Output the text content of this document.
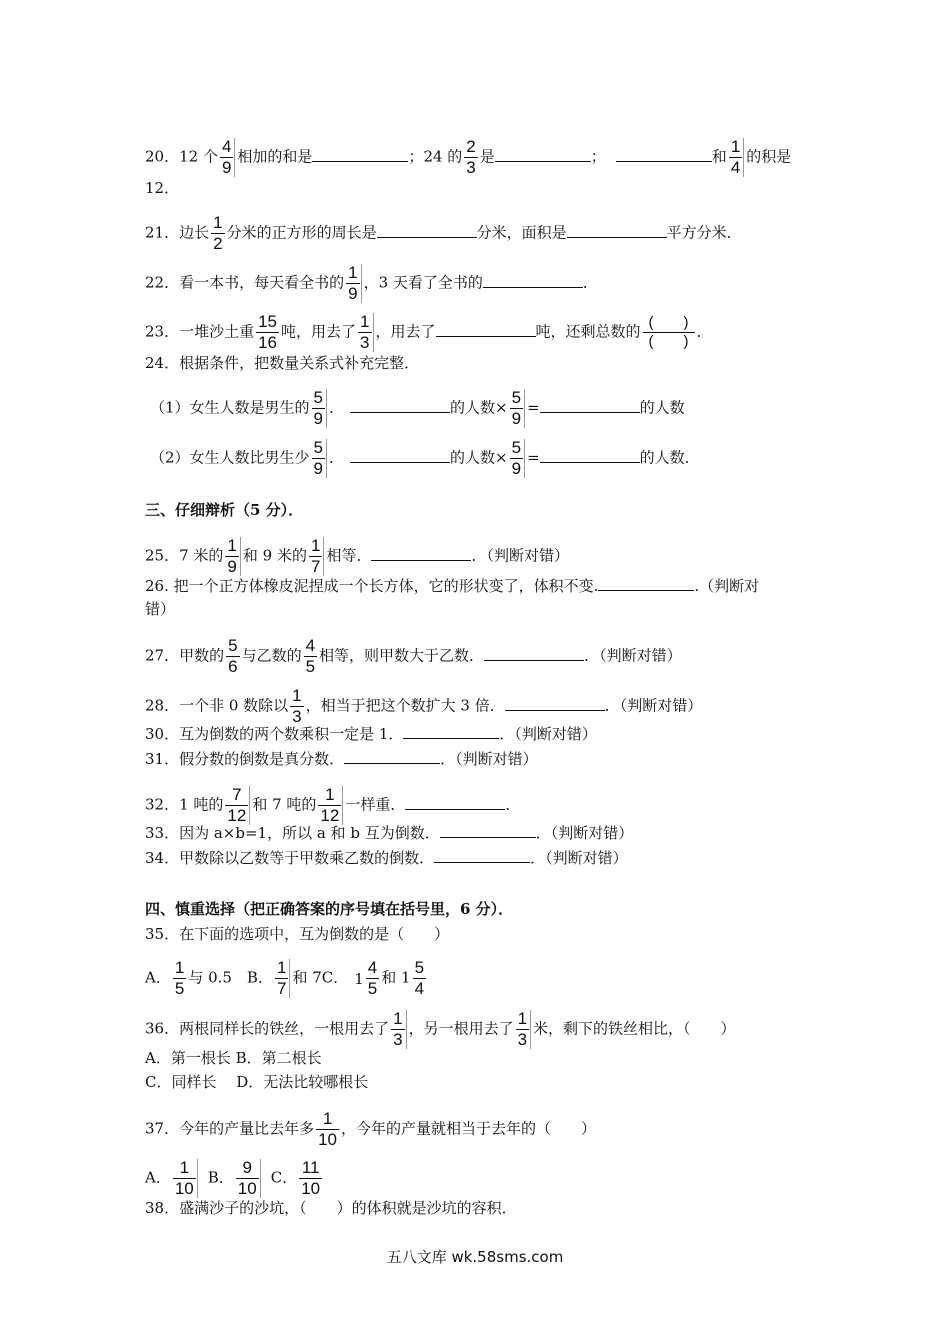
20．12 个 $\frac{4}{9}$ 相加的和是	；24 的 $\frac{2}{3}$ 是	；	和 $\frac{1}{4}$ 的积是
12．
21．边长 $\frac{1}{2}$ 分米的正方形的周长是	分米，面积是	平方分米．
22．看一本书，每天看全书的 $\frac{1}{9}$ ，3 天看了全书的	．
23．一堆沙土重 $\frac{15}{16}$ 吨，用去了 $\frac{1}{3}$ ，用去了	吨，还剩总数的 $\frac{( )}{( )}$ ．
24．根据条件，把数量关系式补充完整．
（1）女生人数是男生的 $\frac{5}{9}$ ．	的人数× $\frac{5}{9}$ =	的人数
（2）女生人数比男生少 $\frac{5}{9}$ ．	的人数× $\frac{5}{9}$ =	的人数．
三、仔细辩析（5 分）．
25．7 米的 $\frac{1}{9}$ 和 9 米的 $\frac{1}{7}$ 相等．	．（判断对错）
26. 把一个正方体橡皮泥捏成一个长方体，它的形状变了，体积不变.	.（判断对
错）
27．甲数的 $\frac{5}{6}$ 与乙数的 $\frac{4}{5}$ 相等，则甲数大于乙数．	．（判断对错）
28．一个非 0 数除以 $\frac{1}{3}$ ，相当于把这个数扩大 3 倍．	．（判断对错）
30．互为倒数的两个数乘积一定是 1．	．（判断对错）
31．假分数的倒数是真分数．	．（判断对错）
32．1 吨的 $\frac{7}{12}$ 和 7 吨的 $\frac{1}{12}$ 一样重．	．
33．因为 a×b=1，所以 a 和 b 互为倒数．	．（判断对错）
34．甲数除以乙数等于甲数乘乙数的倒数．	．（判断对错）
四、慎重选择（把正确答案的序号填在括号里，6 分）．
35．在下面的选项中，互为倒数的是（　　）
A． $\frac{1}{5}$ 与 0.5　B． $\frac{1}{7}$ 和 7C． $1 \frac{4}{5}$ 和 $1 \frac{5}{4}$
36．两根同样长的铁丝，一根用去了 $\frac{1}{3}$ ，另一根用去了 $\frac{1}{3}$ 米，剩下的铁丝相比，（　　）
A．第一根长 B．第二根长
C．同样长　 D．无法比较哪根长
37．今年的产量比去年多 $\frac{1}{10}$ ，今年的产量就相当于去年的（　　）
A． $\frac{1}{10}$ B． $\frac{9}{10}$ C． $\frac{11}{10}$
38．盛满沙子的沙坑，（　　）的体积就是沙坑的容积．
五八文库 wk.58sms.com
